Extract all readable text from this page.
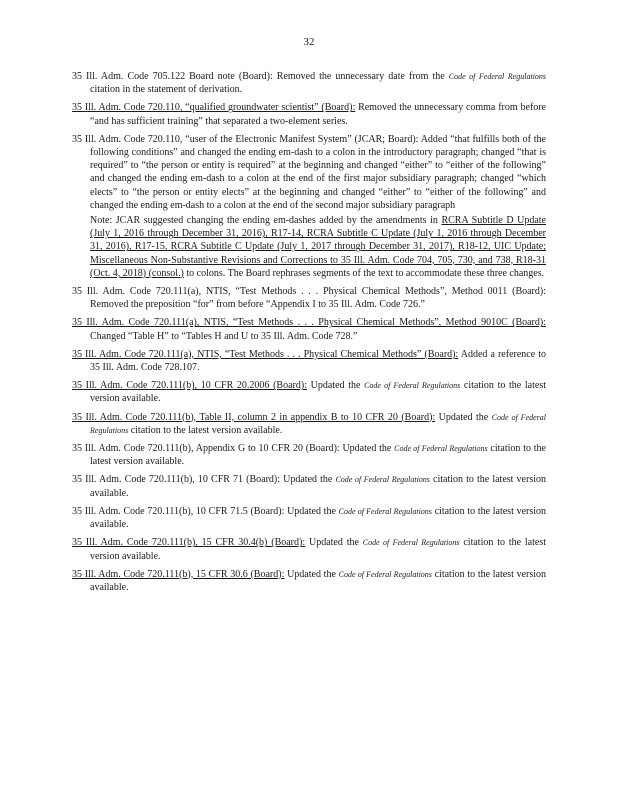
32
35 Ill. Adm. Code 705.122 Board note (Board): Removed the unnecessary date from the Code of Federal Regulations citation in the statement of derivation.
35 Ill. Adm. Code 720.110, “qualified groundwater scientist” (Board): Removed the unnecessary comma from before “and has sufficient training” that separated a two-element series.
35 Ill. Adm. Code 720.110, “user of the Electronic Manifest System” (JCAR; Board): Added “that fulfills both of the following conditions” and changed the ending em-dash to a colon in the introductory paragraph; changed “that is required” to “the person or entity is required” at the beginning and changed “either” to “either of the following” and changed the ending em-dash to a colon at the end of the first major subsidiary paragraph; changed “which elects” to “the person or entity elects” at the beginning and changed “either” to “either of the following” and changed the ending em-dash to a colon at the end of the second major subsidiary paragraph
Note: JCAR suggested changing the ending em-dashes added by the amendments in RCRA Subtitle D Update (July 1, 2016 through December 31, 2016), R17-14, RCRA Subtitle C Update (July 1, 2016 through December 31, 2016), R17-15, RCRA Subtitle C Update (July 1, 2017 through December 31, 2017), R18-12, UIC Update; Miscellaneous Non-Substantive Revisions and Corrections to 35 Ill. Adm. Code 704, 705, 730, and 738, R18-31 (Oct. 4, 2018) (consol.) to colons. The Board rephrases segments of the text to accommodate these three changes.
35 Ill. Adm. Code 720.111(a), NTIS, “Test Methods . . . Physical Chemical Methods”, Method 0011 (Board): Removed the preposition “for” from before “Appendix I to 35 Ill. Adm. Code 726.”
35 Ill. Adm. Code 720.111(a), NTIS, “Test Methods . . . Physical Chemical Methods”, Method 9010C (Board): Changed “Table H” to “Tables H and U to 35 Ill. Adm. Code 728.”
35 Ill. Adm. Code 720.111(a), NTIS, “Test Methods . . . Physical Chemical Methods” (Board): Added a reference to 35 Ill. Adm. Code 728.107.
35 Ill. Adm. Code 720.111(b), 10 CFR 20.2006 (Board): Updated the Code of Federal Regulations citation to the latest version available.
35 Ill. Adm. Code 720.111(b), Table II, column 2 in appendix B to 10 CFR 20 (Board): Updated the Code of Federal Regulations citation to the latest version available.
35 Ill. Adm. Code 720.111(b), Appendix G to 10 CFR 20 (Board): Updated the Code of Federal Regulations citation to the latest version available.
35 Ill. Adm. Code 720.111(b), 10 CFR 71 (Board): Updated the Code of Federal Regulations citation to the latest version available.
35 Ill. Adm. Code 720.111(b), 10 CFR 71.5 (Board): Updated the Code of Federal Regulations citation to the latest version available.
35 Ill. Adm. Code 720.111(b), 15 CFR 30.4(b) (Board): Updated the Code of Federal Regulations citation to the latest version available.
35 Ill. Adm. Code 720.111(b), 15 CFR 30.6 (Board): Updated the Code of Federal Regulations citation to the latest version available.
